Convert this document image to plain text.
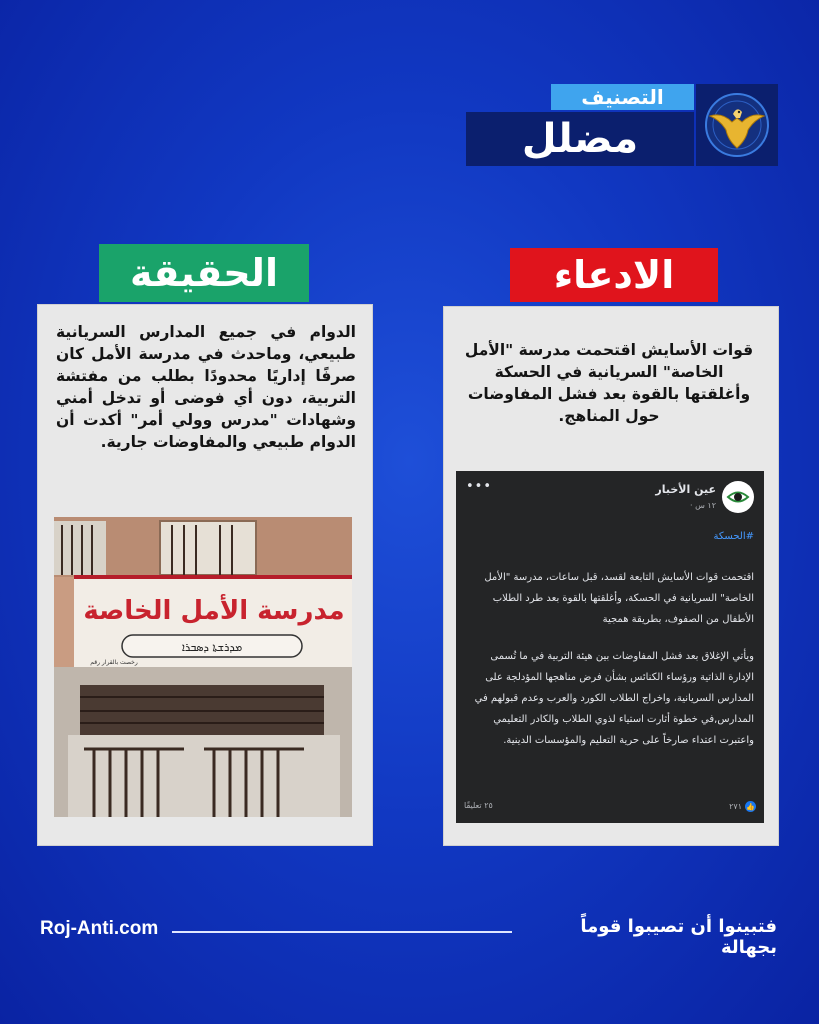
التصنيف
مضلل
الحقيقة	الادعاء
الدوام في جميع المدارس السريانية طبيعي، وماحدث في مدرسة الأمل كان صرفًا إداريًا محدودًا بطلب من مفتشة التربية، دون أي فوضى أو تدخل أمني وشهادات "مدرس وولي أمر" أكدت أن الدوام طبيعي والمفاوضات جارية.
مدرسة الأمل الخاصة
ܡܕܪܫܬܐ ܕܣܒܪܐ
رخصت بالقرار رقم
قوات الأسايش اقتحمت مدرسة "الأمل الخاصة" السريانية في الحسكة وأغلقتها بالقوة بعد فشل المفاوضات حول المناهج.
عين الأخبار
١٢ س ·
•••
#الحسكة

اقتحمت قوات الأسايش التابعة لقسد، قبل ساعات، مدرسة "الأمل الخاصة" السريانية في الحسكة، وأغلقتها بالقوة بعد طرد الطلاب الأطفال من الصفوف، بطريقة همجية

ويأتي الإغلاق بعد فشل المفاوضات بين هيئة التربية في ما تُسمى الإدارة الذاتية ورؤساء الكنائس بشأن فرض مناهجها المؤدلجة على المدارس السريانية، واخراج الطلاب الكورد والعرب وعدم قبولهم في المدارس,في خطوة أثارت استياء لذوي الطلاب والكادر التعليمي واعتبرت اعتداء صارخاً على حرية التعليم والمؤسسات الدينية.

٢٥ تعليقًا	👍
٢٧١
Roj-Anti.com	فتبينوا أن تصيبوا قوماً بجهالة
